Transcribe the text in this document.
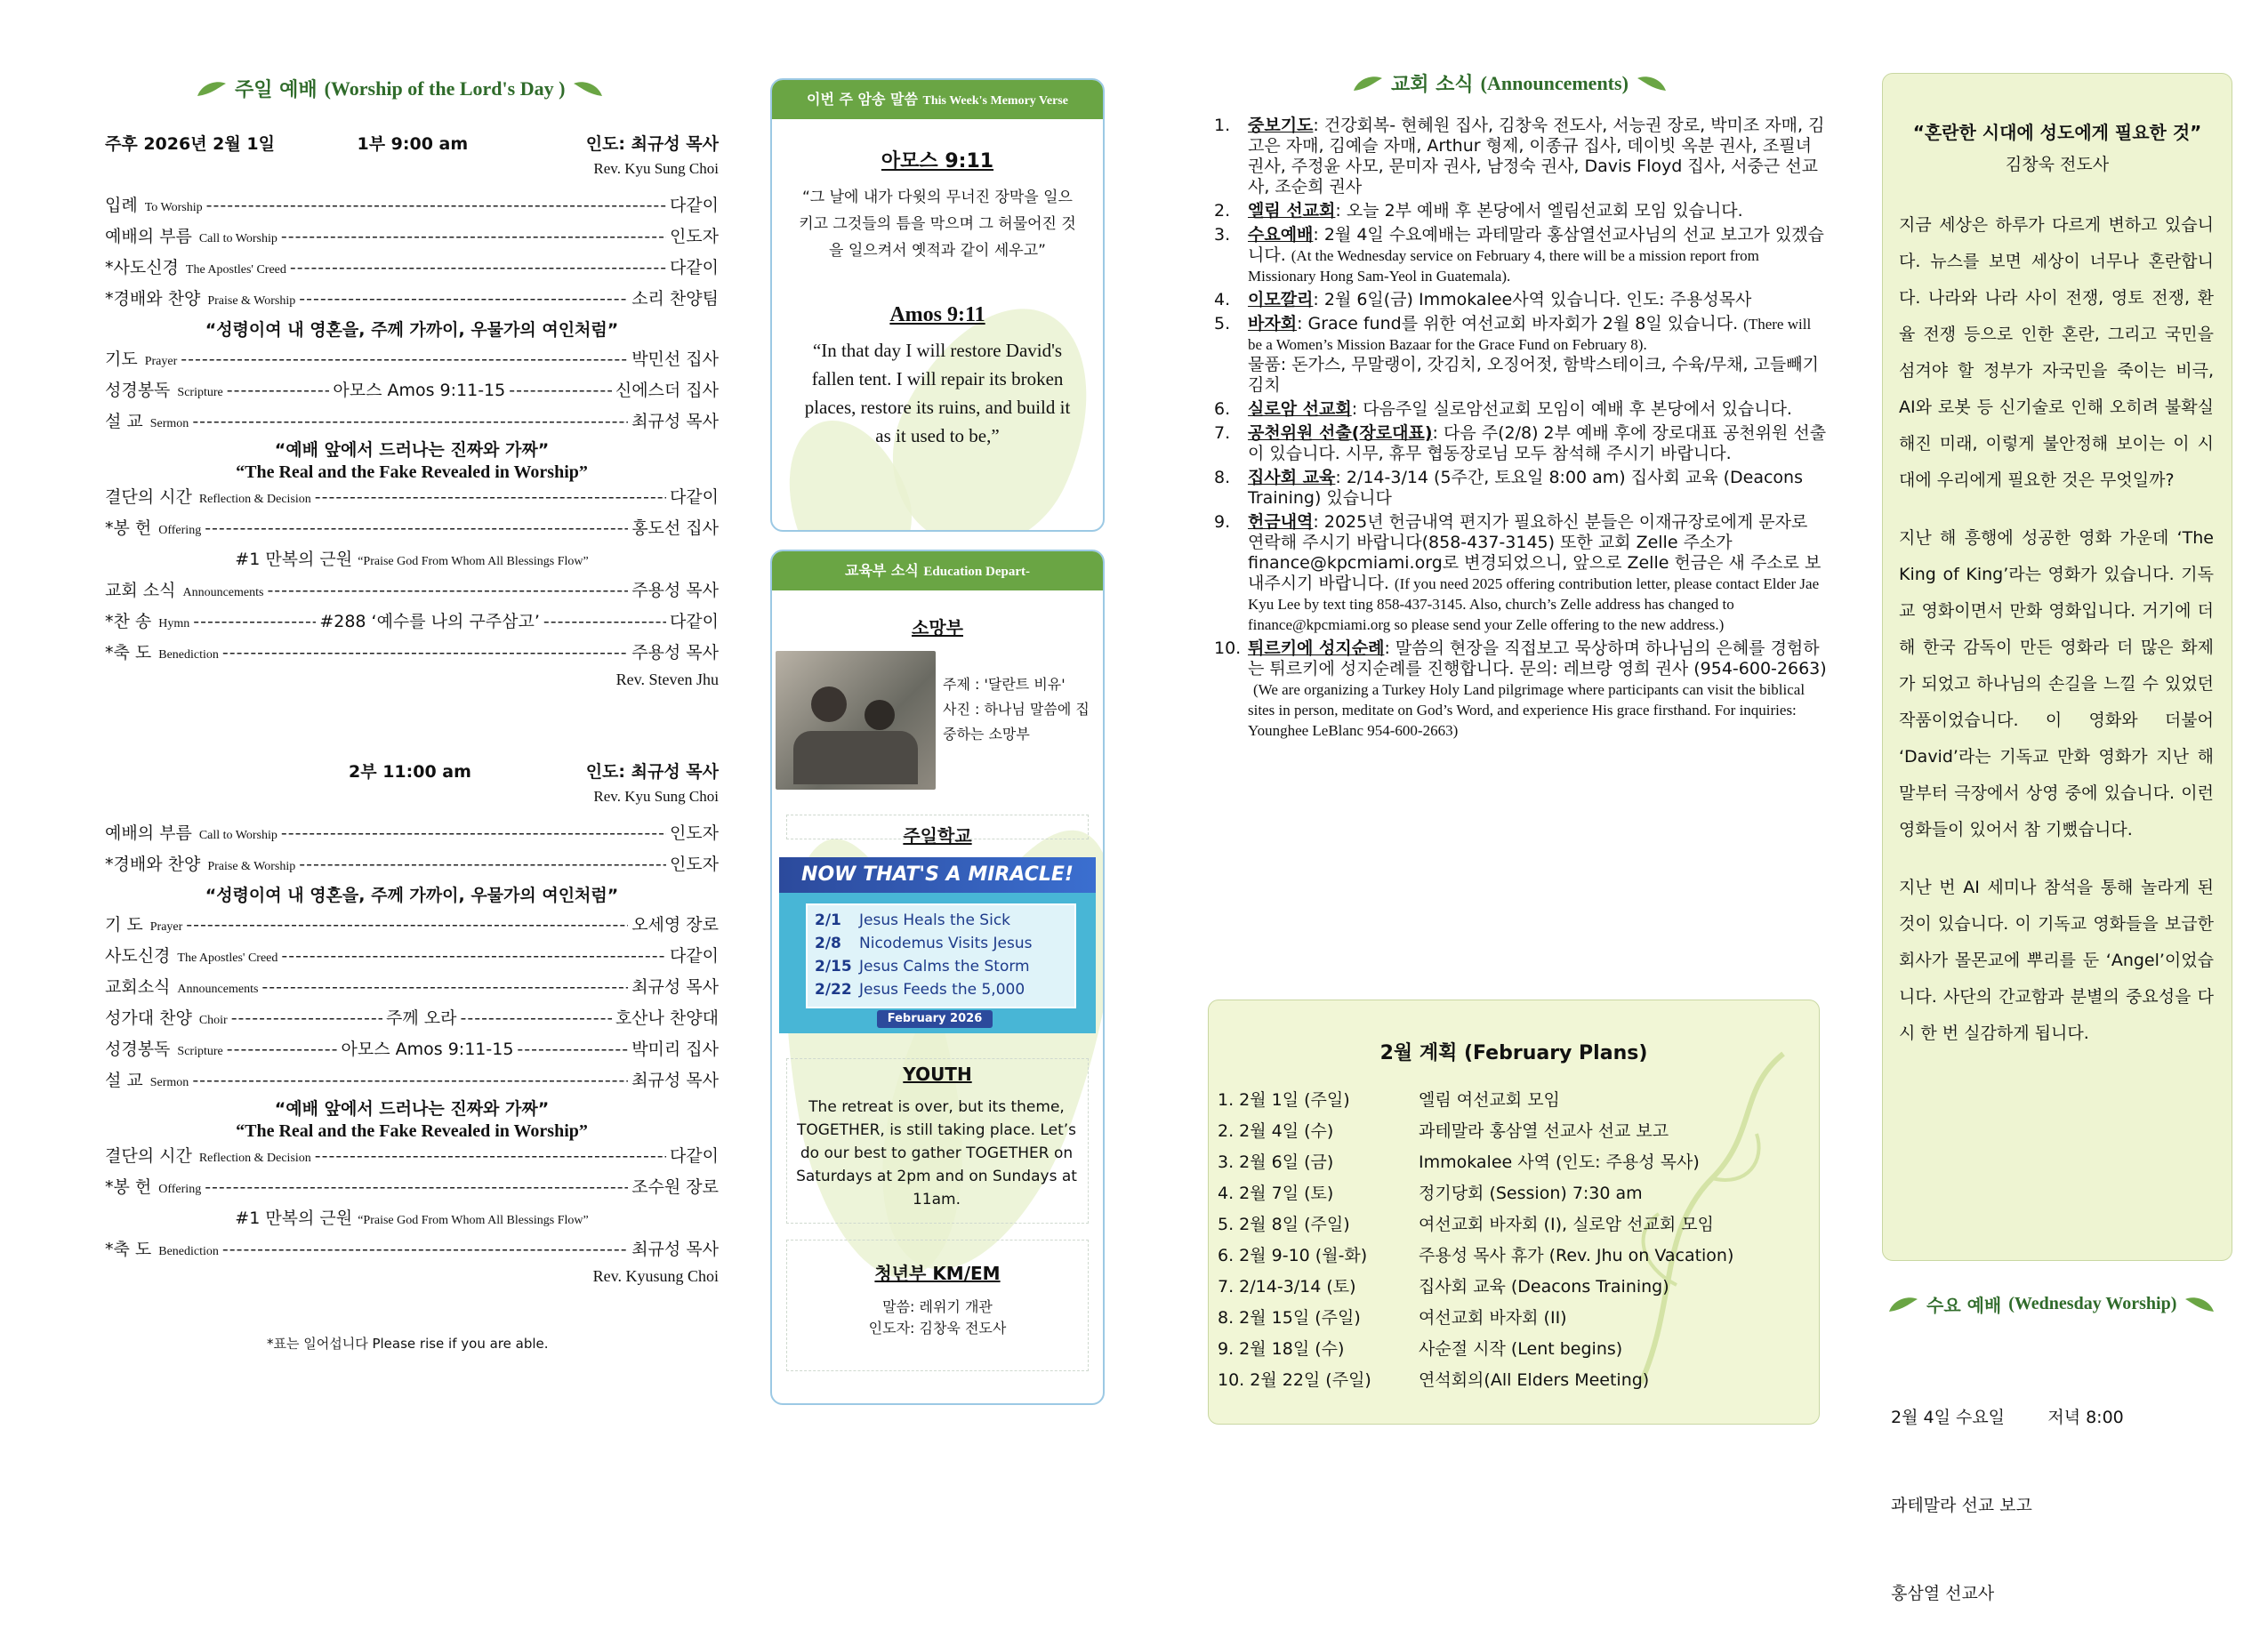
주일 예배 (Worship of the Lord's Day )
주후 2026년 2월 1일	1부 9:00 am	인도: 최규성 목사
Rev. Kyu Sung Choi
입례 To Worship -----	다같이
예배의 부름 Call to Worship -----	인도자
*사도신경 The Apostles' Creed -----	다같이
*경배와 찬양 Praise & Worship -----	소리 찬양팀
“성령이여 내 영혼을, 주께 가까이, 우물가의 여인처럼”
기도 Prayer -----	박민선 집사
성경봉독 Scripture -----	아모스 Amos 9:11-15 -----	신에스더 집사
설 교 Sermon -----	최규성 목사
“예배 앞에서 드러나는 진짜와 가짜”
“The Real and the Fake Revealed in Worship”
결단의 시간 Reflection & Decision -----	다같이
*봉 헌 Offering -----	홍도선 집사
#1 만복의 근원 “Praise God From Whom All Blessings Flow”
교회 소식 Announcements -----	주용성 목사
*찬 송 Hymn -----	#288 ‘예수를 나의 구주삼고’ -----	다같이
*축 도 Benediction -----	주용성 목사
Rev. Steven Jhu
2부 11:00 am	인도: 최규성 목사
Rev. Kyu Sung Choi
예배의 부름 Call to Worship -----	인도자
*경배와 찬양 Praise & Worship -----	인도자
“성령이여 내 영혼을, 주께 가까이, 우물가의 여인처럼”
기 도 Prayer -----	오세영 장로
사도신경 The Apostles' Creed -----	다같이
교회소식 Announcements -----	최규성 목사
성가대 찬양 Choir -----	주께 오라 -----	호산나 찬양대
성경봉독 Scripture -----	아모스 Amos 9:11-15 -----	박미리 집사
설 교 Sermon -----	최규성 목사
“예배 앞에서 드러나는 진짜와 가짜”
“The Real and the Fake Revealed in Worship”
결단의 시간 Reflection & Decision -----	다같이
*봉 헌 Offering -----	조수원 장로
#1 만복의 근원 “Praise God From Whom All Blessings Flow”
*축 도 Benediction -----	최규성 목사
Rev. Kyusung Choi
*표는 일어섭니다 Please rise if you are able.
이번 주 암송 말씀 This Week's Memory Verse
아모스 9:11
“그 날에 내가 다윗의 무너진 장막을 일으키고 그것들의 틈을 막으며 그 허물어진 것을 일으켜서 옛적과 같이 세우고”
Amos 9:11
“In that day I will restore David's fallen tent. I will repair its broken places, restore its ruins, and build it as it used to be,”
교육부 소식 Education Depart-
소망부
주제 : '달란트 비유'
사진 : 하나님 말씀에 집중하는 소망부
주일학교
NOW THAT'S A MIRACLE!
2/1 Jesus Heals the Sick
2/8 Nicodemus Visits Jesus
2/15 Jesus Calms the Storm
2/22 Jesus Feeds the 5,000
February 2026
YOUTH
The retreat is over, but its theme, TOGETHER, is still taking place. Let’s do our best to gather TOGETHER on Saturdays at 2pm and on Sundays at 11am.
청년부 KM/EM
말씀: 레위기 개관
인도자: 김창욱 전도사
교회 소식 (Announcements)
1.	중보기도: 건강회복- 현혜원 집사, 김창욱 전도사, 서능권 장로, 박미조 자매, 김고은 자매, 김예슬 자매, Arthur 형제, 이종규 집사, 데이빗 옥분 권사, 조필녀 권사, 주정윤 사모, 문미자 권사, 남정숙 권사, Davis Floyd 집사, 서중근 선교사, 조순희 권사
2.	엘림 선교회: 오늘 2부 예배 후 본당에서 엘림선교회 모임 있습니다.
3.	수요예배: 2월 4일 수요예배는 과테말라 홍삼열선교사님의 선교 보고가 있겠습니다. (At the Wednesday service on February 4, there will be a mission report from Missionary Hong Sam-Yeol in Guatemala).
4.	이모깔리: 2월 6일(금) Immokalee사역 있습니다. 인도: 주용성목사
5.	바자회: Grace fund를 위한 여선교회 바자회가 2월 8일 있습니다. (There will be a Women’s Mission Bazaar for the Grace Fund on February 8).
물품: 돈가스, 무말랭이, 갓김치, 오징어젓, 함박스테이크, 수육/무채, 고들빼기 김치
6.	실로암 선교회: 다음주일 실로암선교회 모임이 예배 후 본당에서 있습니다.
7.	공천위원 선출(장로대표): 다음 주(2/8) 2부 예배 후에 장로대표 공천위원 선출이 있습니다. 시무, 휴무 협동장로님 모두 참석해 주시기 바랍니다.
8.	집사회 교육: 2/14-3/14 (5주간, 토요일 8:00 am) 집사회 교육 (Deacons Training) 있습니다
9.	헌금내역: 2025년 헌금내역 편지가 필요하신 분들은 이재규장로에게 문자로 연락해 주시기 바랍니다(858-437-3145) 또한 교회 Zelle 주소가 finance@kpcmiami.org로 변경되었으니, 앞으로 Zelle 헌금은 새 주소로 보내주시기 바랍니다. (If you need 2025 offering contribution letter, please contact Elder Jae Kyu Lee by text ting 858-437-3145. Also, church’s Zelle address has changed to finance@kpcmiami.org so please send your Zelle offering to the new address.)
10. 튀르키에 성지순례: 말씀의 현장을 직접보고 묵상하며 하나님의 은혜를 경험하는 튀르키에 성지순례를 진행합니다. 문의: 레브랑 영희 권사 (954-600-2663)(We are organizing a Turkey Holy Land pilgrimage where participants can visit the biblical sites in person, meditate on God’s Word, and experience His grace firsthand. For inquiries: Younghee LeBlanc 954-600-2663)
2월 계획 (February Plans)
1. 2월 1일 (주일)	엘림 여선교회 모임
2. 2월 4일 (수)	과테말라 홍삼열 선교사 선교 보고
3. 2월 6일 (금)	Immokalee 사역 (인도: 주용성 목사)
4. 2월 7일 (토)	정기당회 (Session) 7:30 am
5. 2월 8일 (주일)	여선교회 바자회 (I), 실로암 선교회 모임
6. 2월 9-10 (월-화)	주용성 목사 휴가 (Rev. Jhu on Vacation)
7. 2/14-3/14 (토)	집사회 교육 (Deacons Training)
8. 2월 15일 (주일)	여선교회 바자회 (II)
9. 2월 18일 (수)	사순절 시작 (Lent begins)
10. 2월 22일 (주일)	연석회의(All Elders Meeting)
“혼란한 시대에 성도에게 필요한 것”
김창욱 전도사

지금 세상은 하루가 다르게 변하고 있습니다. 뉴스를 보면 세상이 너무나 혼란합니다. 나라와 나라 사이 전쟁, 영토 전쟁, 환율 전쟁 등으로 인한 혼란, 그리고 국민을 섬겨야 할 정부가 자국민을 죽이는 비극, AI와 로봇 등 신기술로 인해 오히려 불확실해진 미래, 이렇게 불안정해 보이는 이 시대에 우리에게 필요한 것은 무엇일까?

지난 해 흥행에 성공한 영화 가운데 ‘The King of King’라는 영화가 있습니다. 기독교 영화이면서 만화 영화입니다. 거기에 더해 한국 감독이 만든 영화라 더 많은 화제가 되었고 하나님의 손길을 느낄 수 있었던 작품이었습니다. 이 영화와 더불어 ‘David’라는 기독교 만화 영화가 지난 해 말부터 극장에서 상영 중에 있습니다. 이런 영화들이 있어서 참 기뻤습니다.

지난 번 AI 세미나 참석을 통해 놀라게 된 것이 있습니다. 이 기독교 영화들을 보급한 회사가 몰몬교에 뿌리를 둔 ‘Angel’이었습니다. 사단의 간교함과 분별의 중요성을 다시 한 번 실감하게 됩니다.

수요 예배 (Wednesday Worship)

2월 4일 수요일        저녁 8:00

과테말라 선교 보고

홍삼열 선교사
